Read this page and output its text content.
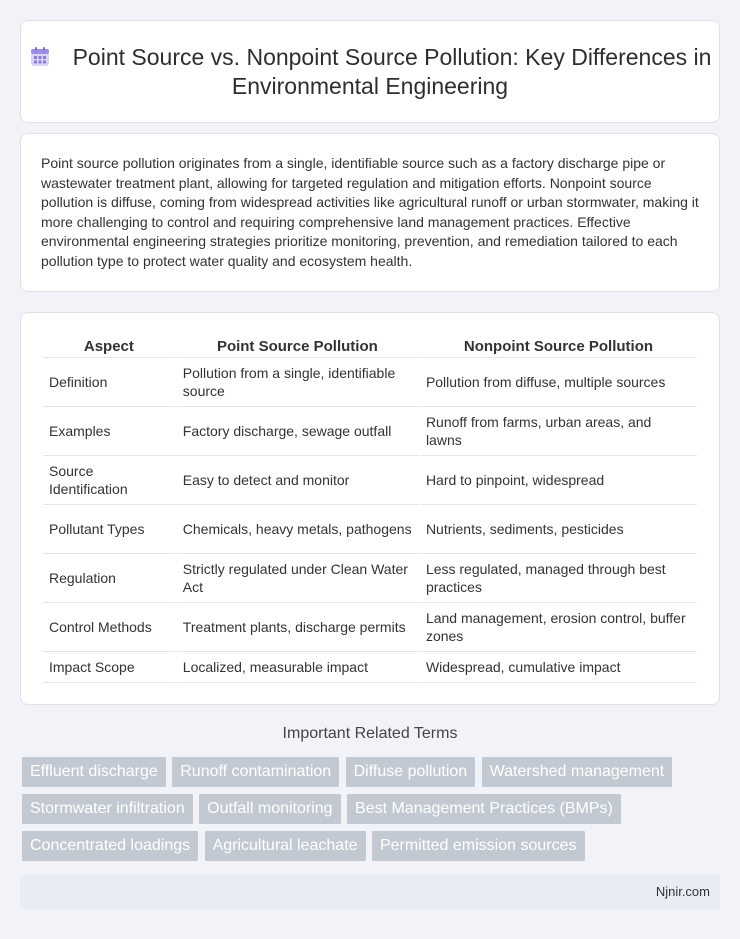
Point Source vs. Nonpoint Source Pollution: Key Differences in Environmental Engineering

Point source pollution originates from a single, identifiable source such as a factory discharge pipe or wastewater treatment plant, allowing for targeted regulation and mitigation efforts. Nonpoint source pollution is diffuse, coming from widespread activities like agricultural runoff or urban stormwater, making it more challenging to control and requiring comprehensive land management practices. Effective environmental engineering strategies prioritize monitoring, prevention, and remediation tailored to each pollution type to protect water quality and ecosystem health.

Aspect	Point Source Pollution	Nonpoint Source Pollution
Definition	Pollution from a single, identifiable source	Pollution from diffuse, multiple sources
Examples	Factory discharge, sewage outfall	Runoff from farms, urban areas, and lawns
Source Identification	Easy to detect and monitor	Hard to pinpoint, widespread
Pollutant Types	Chemicals, heavy metals, pathogens	Nutrients, sediments, pesticides
Regulation	Strictly regulated under Clean Water Act	Less regulated, managed through best practices
Control Methods	Treatment plants, discharge permits	Land management, erosion control, buffer zones
Impact Scope	Localized, measurable impact	Widespread, cumulative impact
Important Related Terms
Effluent discharge Runoff contamination Diffuse pollution Watershed management Stormwater infiltration Outfall monitoring Best Management Practices (BMPs) Concentrated loadings Agricultural leachate Permitted emission sources
Njnir.com
